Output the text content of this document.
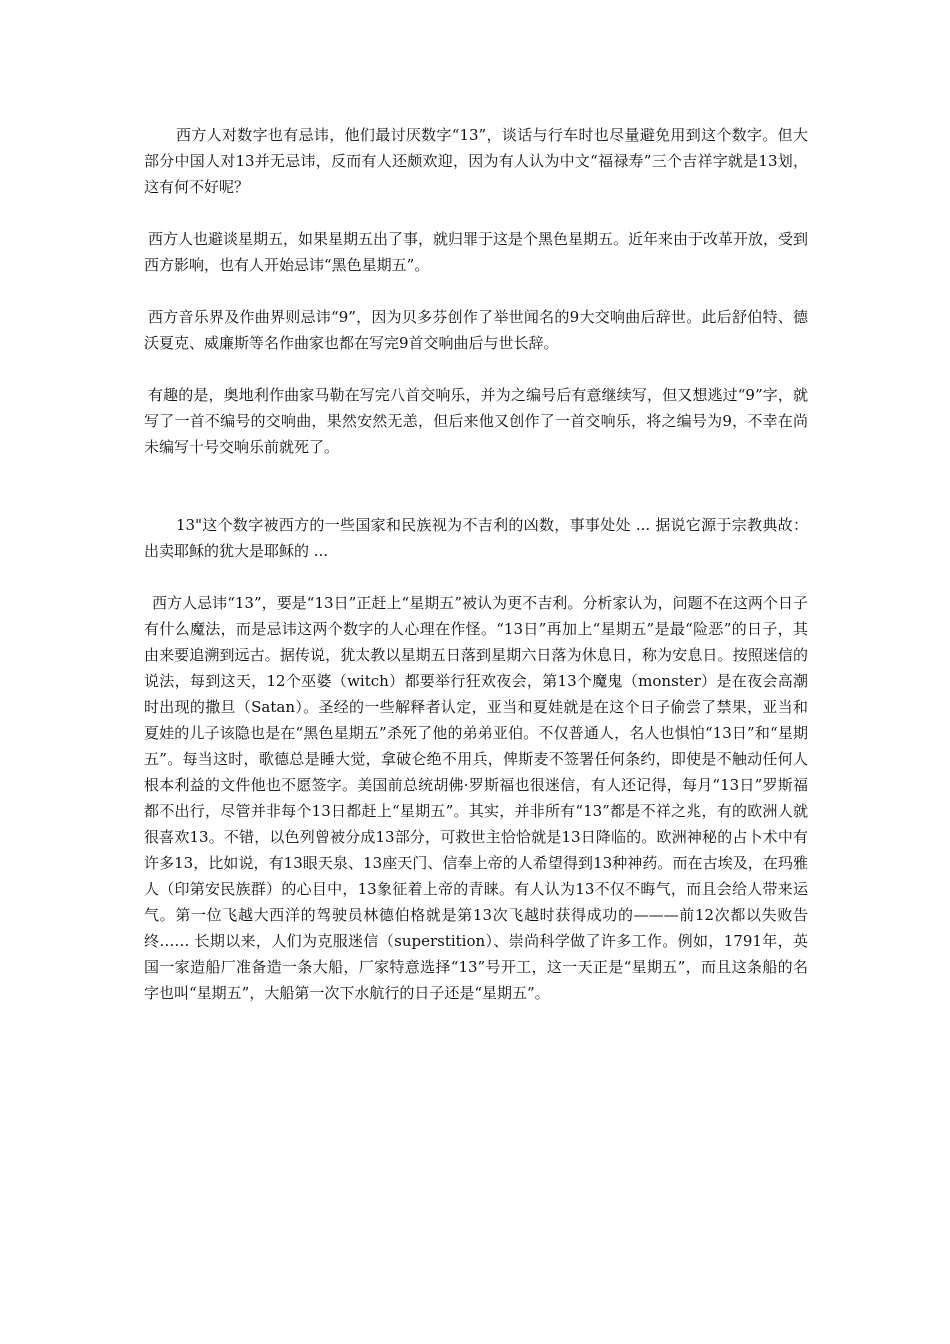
西方人对数字也有忌讳，他们最讨厌数字“13”，谈话与行车时也尽量避免用到这个数字。但大部分中国人对13并无忌讳，反而有人还颇欢迎，因为有人认为中文“福禄寿”三个吉祥字就是13划，这有何不好呢？

西方人也避谈星期五，如果星期五出了事，就归罪于这是个黑色星期五。近年来由于改革开放，受到西方影响，也有人开始忌讳“黑色星期五”。

西方音乐界及作曲界则忌讳“9”，因为贝多芬创作了举世闻名的9大交响曲后辞世。此后舒伯特、德沃夏克、威廉斯等名作曲家也都在写完9首交响曲后与世长辞。

有趣的是，奥地利作曲家马勒在写完八首交响乐，并为之编号后有意继续写，但又想逃过“9”字，就写了一首不编号的交响曲，果然安然无恙，但后来他又创作了一首交响乐，将之编号为9，不幸在尚未编写十号交响乐前就死了。

13"这个数字被西方的一些国家和民族视为不吉利的凶数，事事处处 ... 据说它源于宗教典故：出卖耶稣的犹大是耶稣的 ...

西方人忌讳“13”，要是“13日”正赶上“星期五”被认为更不吉利。分析家认为，问题不在这两个日子有什么魔法，而是忌讳这两个数字的人心理在作怪。“13日”再加上“星期五”是最“险恶”的日子，其由来要追溯到远古。据传说，犹太教以星期五日落到星期六日落为休息日，称为安息日。按照迷信的说法，每到这天，12个巫婆（witch）都要举行狂欢夜会，第13个魔鬼（monster）是在夜会高潮时出现的撒旦（Satan）。圣经的一些解释者认定，亚当和夏娃就是在这个日子偷尝了禁果，亚当和夏娃的儿子该隐也是在“黑色星期五”杀死了他的弟弟亚伯。不仅普通人，名人也惧怕“13日”和“星期五”。每当这时，歌德总是睡大觉，拿破仑绝不用兵，俾斯麦不签署任何条约，即使是不触动任何人根本利益的文件他也不愿签字。美国前总统胡佛·罗斯福也很迷信，有人还记得，每月“13日”罗斯福都不出行，尽管并非每个13日都赶上“星期五”。其实，并非所有“13”都是不祥之兆，有的欧洲人就很喜欢13。不错，以色列曾被分成13部分，可救世主恰恰就是13日降临的。欧洲神秘的占卜术中有许多13，比如说，有13眼天泉、13座天门、信奉上帝的人希望得到13种神药。而在古埃及，在玛雅人（印第安民族群）的心目中，13象征着上帝的青睐。有人认为13不仅不晦气，而且会给人带来运气。第一位飞越大西洋的驾驶员林德伯格就是第13次飞越时获得成功的———前12次都以失败告终…… 长期以来，人们为克服迷信（superstition）、崇尚科学做了许多工作。例如，1791年，英国一家造船厂准备造一条大船，厂家特意选择“13”号开工，这一天正是“星期五”，而且这条船的名字也叫“星期五”，大船第一次下水航行的日子还是“星期五”。
